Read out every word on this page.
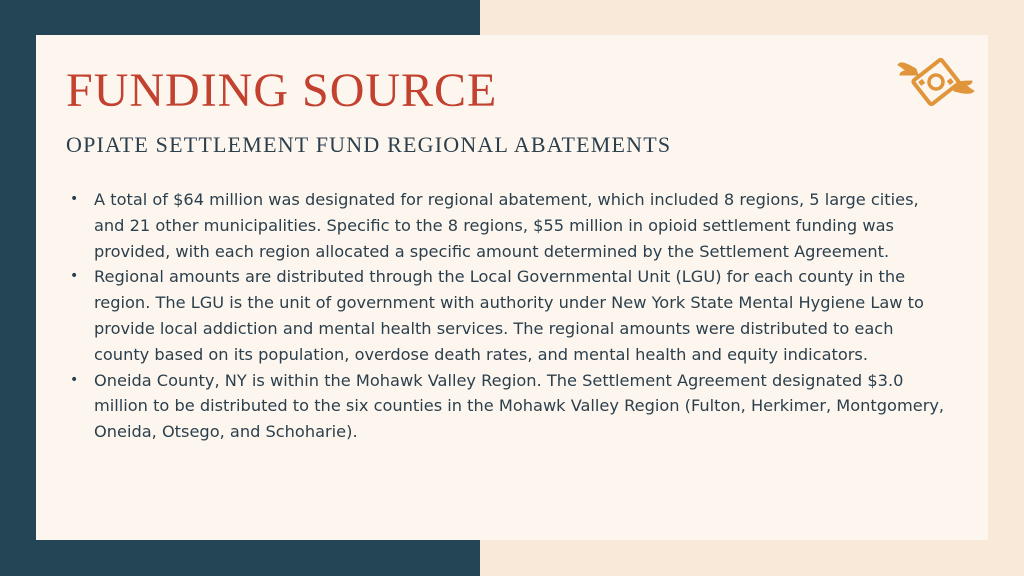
FUNDING SOURCE
OPIATE SETTLEMENT FUND REGIONAL ABATEMENTS
• A total of $64 million was designated for regional abatement, which included 8 regions, 5 large cities, and 21 other municipalities. Specific to the 8 regions, $55 million in opioid settlement funding was provided, with each region allocated a specific amount determined by the Settlement Agreement.
• Regional amounts are distributed through the Local Governmental Unit (LGU) for each county in the region. The LGU is the unit of government with authority under New York State Mental Hygiene Law to provide local addiction and mental health services. The regional amounts were distributed to each county based on its population, overdose death rates, and mental health and equity indicators.
• Oneida County, NY is within the Mohawk Valley Region. The Settlement Agreement designated $3.0 million to be distributed to the six counties in the Mohawk Valley Region (Fulton, Herkimer, Montgomery, Oneida, Otsego, and Schoharie).
